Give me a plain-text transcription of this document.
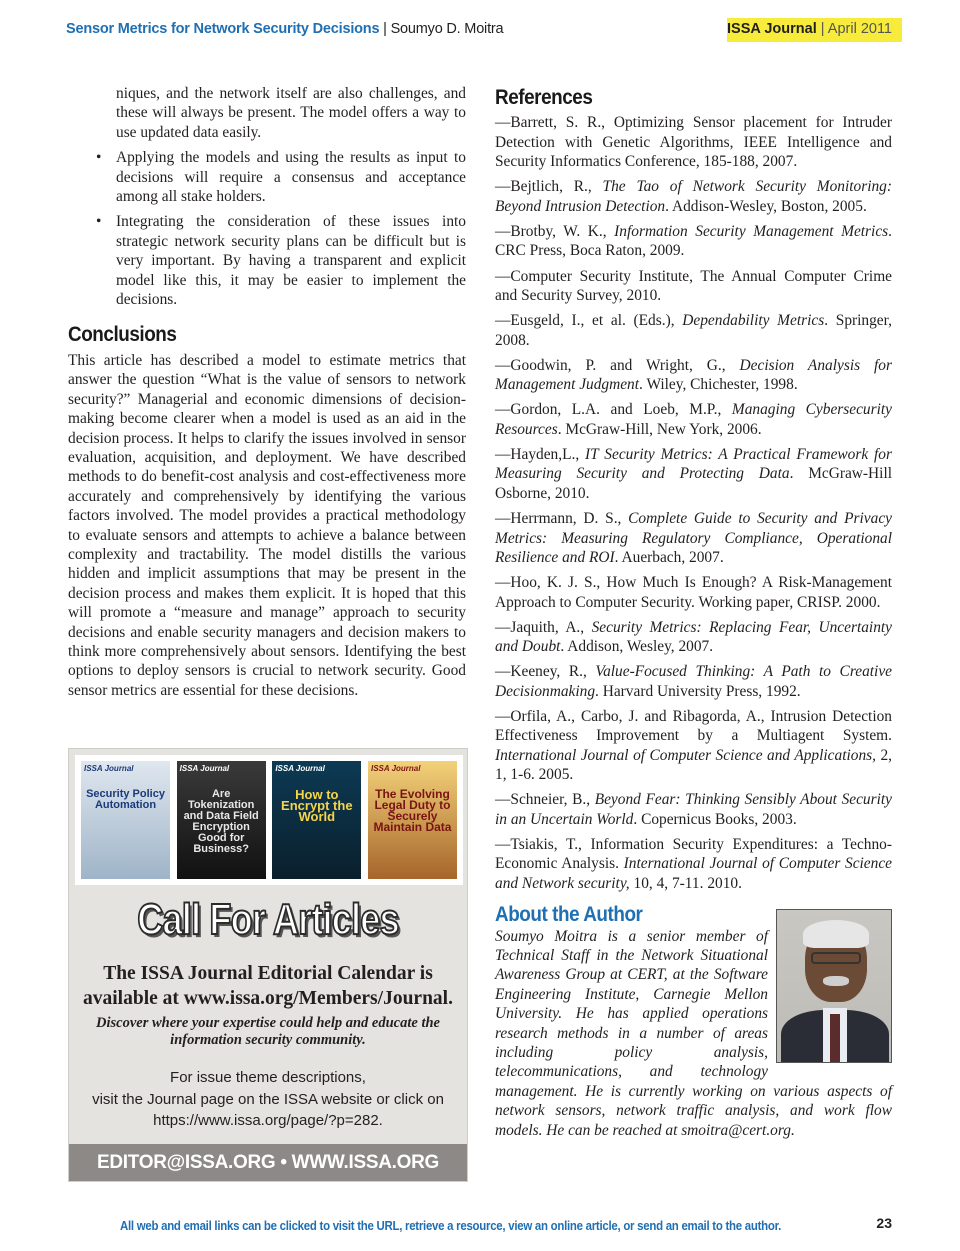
Sensor Metrics for Network Security Decisions | Soumyo D. Moitra	ISSA Journal | April 2011

niques, and the network itself are also challenges, and these will always be present. The model offers a way to use updated data easily.

• Applying the models and using the results as input to decisions will require a consensus and acceptance among all stake holders.
• Integrating the consideration of these issues into strategic network security plans can be difficult but is very important. By having a transparent and explicit model like this, it may be easier to implement the decisions.
Conclusions

This article has described a model to estimate metrics that answer the question “What is the value of sensors to network security?” Managerial and economic dimensions of decision-making become clearer when a model is used as an aid in the decision process. It helps to clarify the issues involved in sensor evaluation, acquisition, and deployment. We have described methods to do benefit-cost analysis and cost-effectiveness more accurately and comprehensively by identifying the various factors involved. The model provides a practical methodology to evaluate sensors and attempts to achieve a balance between complexity and tractability. The model distills the various hidden and implicit assumptions that may be present in the decision process and makes them explicit. It is hoped that this will promote a “measure and manage” approach to security decisions and enable security managers and decision makers to think more comprehensively about sensors. Identifying the best options to deploy sensors is crucial to network security. Good sensor metrics are essential for these decisions.

ISSA Journal
Security Policy Automation
ISSA Journal
Are Tokenization and Data Field Encryption Good for Business?
ISSA Journal
How to Encrypt the World
ISSA Journal
The Evolving Legal Duty to Securely Maintain Data
Call For Articles
The ISSA Journal Editorial Calendar is
available at www.issa.org/Members/Journal.
Discover where your expertise could help and educate the information security community.
For issue theme descriptions,
visit the Journal page on the ISSA website or click on
https://www.issa.org/page/?p=282.
EDITOR@ISSA.ORG • WWW.ISSA.ORG
References

—Barrett, S. R., Optimizing Sensor placement for Intruder Detection with Genetic Algorithms, IEEE Intelligence and Security Informatics Conference, 185-188, 2007.

—Bejtlich, R., The Tao of Network Security Monitoring: Beyond Intrusion Detection. Addison-Wesley, Boston, 2005.

—Brotby, W. K., Information Security Management Metrics. CRC Press, Boca Raton, 2009.

—Computer Security Institute, The Annual Computer Crime and Security Survey, 2010.

—Eusgeld, I., et al. (Eds.), Dependability Metrics. Springer, 2008.

—Goodwin, P. and Wright, G., Decision Analysis for Management Judgment. Wiley, Chichester, 1998.

—Gordon, L.A. and Loeb, M.P., Managing Cybersecurity Resources. McGraw-Hill, New York, 2006.

—Hayden,L., IT Security Metrics: A Practical Framework for Measuring Security and Protecting Data. McGraw-Hill Osborne, 2010.

—Herrmann, D. S., Complete Guide to Security and Privacy Metrics: Measuring Regulatory Compliance, Operational Resilience and ROI. Auerbach, 2007.

—Hoo, K. J. S., How Much Is Enough? A Risk-Management Approach to Computer Security. Working paper, CRISP. 2000.

—Jaquith, A., Security Metrics: Replacing Fear, Uncertainty and Doubt. Addison, Wesley, 2007.

—Keeney, R., Value-Focused Thinking: A Path to Creative Decisionmaking. Harvard University Press, 1992.

—Orfila, A., Carbo, J. and Ribagorda, A., Intrusion Detection Effectiveness Improvement by a Multiagent System. International Journal of Computer Science and Applications, 2, 1, 1-6. 2005.

—Schneier, B., Beyond Fear: Thinking Sensibly About Security in an Uncertain World. Copernicus Books, 2003.

—Tsiakis, T., Information Security Expenditures: a Techno-Economic Analysis. International Journal of Computer Science and Network security, 10, 4, 7-11. 2010.

About the Author

Soumyo Moitra is a senior member of Technical Staff in the Network Situational Awareness Group at CERT, at the Software Engineering Institute, Carnegie Mellon University. He has applied operations research methods in a number of areas including policy analysis, telecommunications, and technology management. He is currently working on various aspects of network sensors, network traffic analysis, and work flow models. He can be reached at smoitra@cert.org.

All web and email links can be clicked to visit the URL, retrieve a resource, view an online article, or send an email to the author.	23
